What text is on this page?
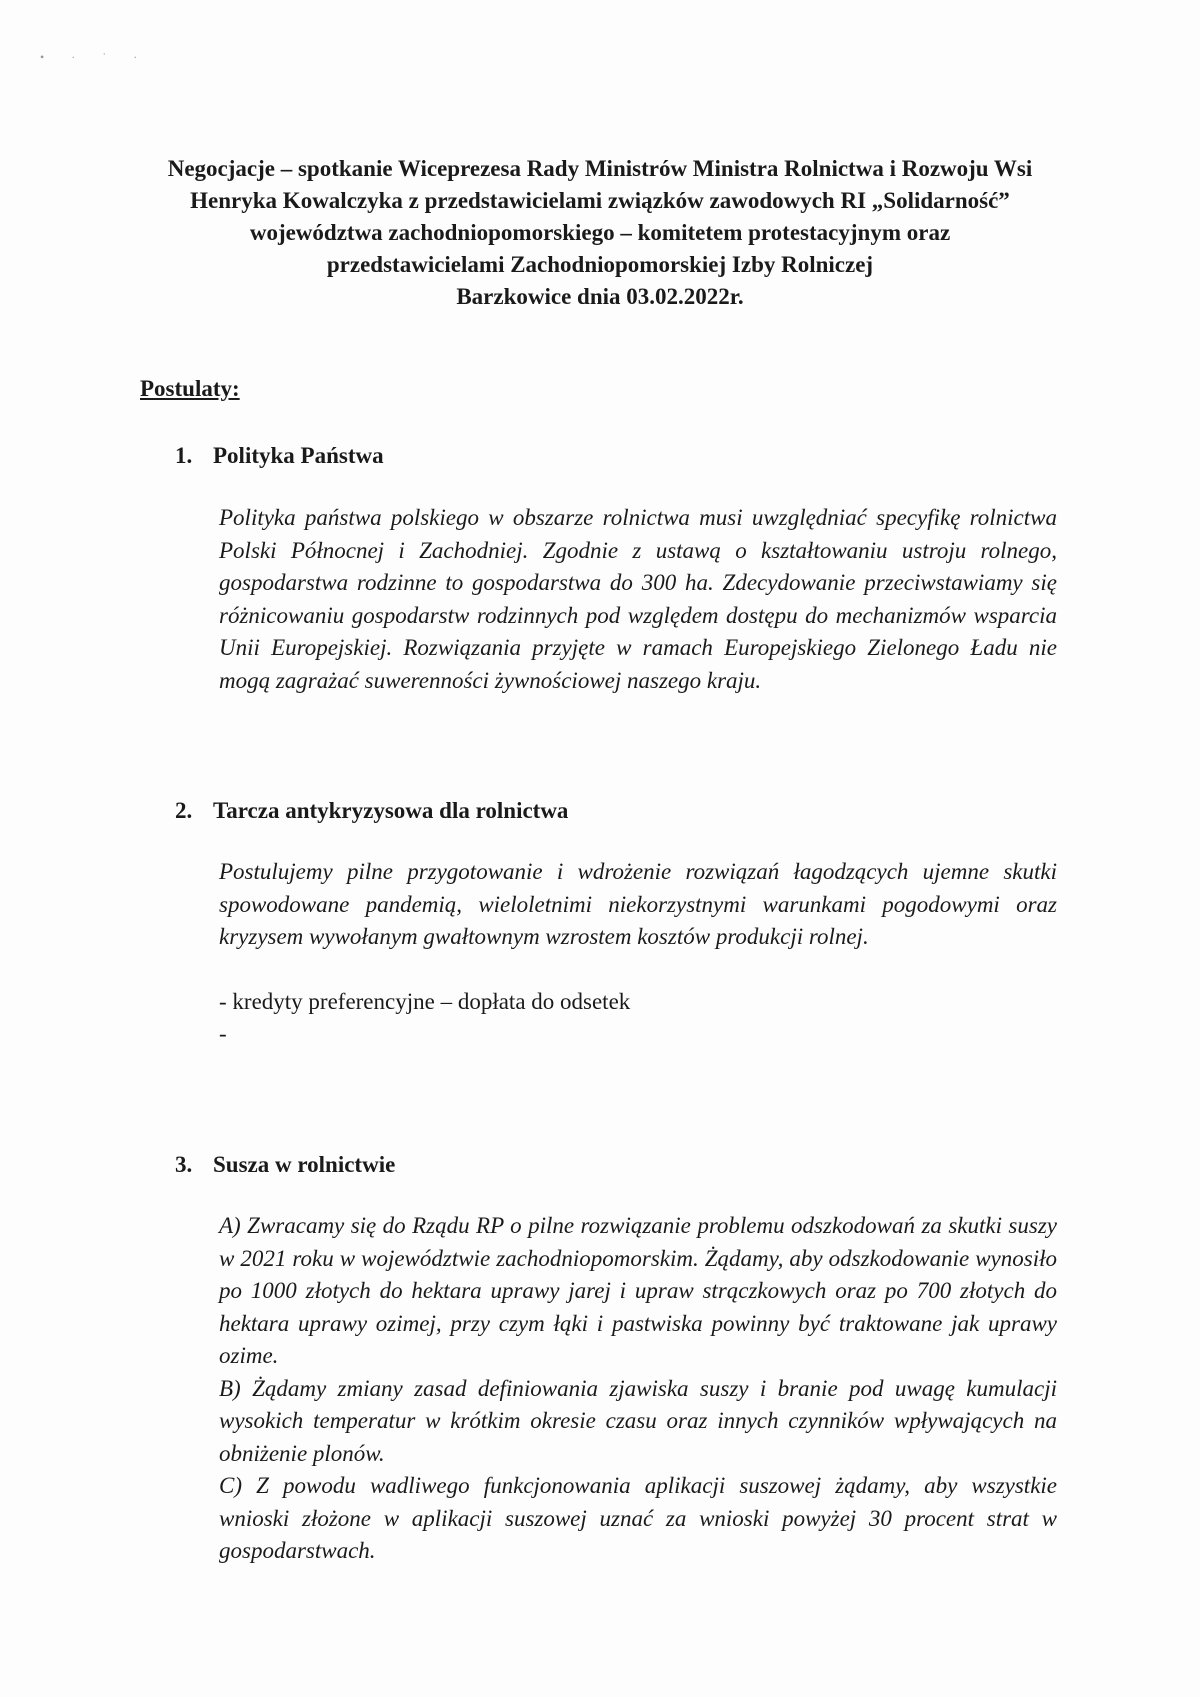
• · ˙ ·
Negocjacje – spotkanie Wiceprezesa Rady Ministrów Ministra Rolnictwa i Rozwoju Wsi
Henryka Kowalczyka z przedstawicielami związków zawodowych RI „Solidarność”
województwa zachodniopomorskiego – komitetem protestacyjnym oraz
przedstawicielami Zachodniopomorskiej Izby Rolniczej
Barzkowice dnia 03.02.2022r.
Postulaty:
1. Polityka Państwa

Polityka państwa polskiego w obszarze rolnictwa musi uwzględniać specyfikę rolnictwa Polski Północnej i Zachodniej. Zgodnie z ustawą o kształtowaniu ustroju rolnego, gospodarstwa rodzinne to gospodarstwa do 300 ha. Zdecydowanie przeciwstawiamy się różnicowaniu gospodarstw rodzinnych pod względem dostępu do mechanizmów wsparcia Unii Europejskiej. Rozwiązania przyjęte w ramach Europejskiego Zielonego Ładu nie mogą zagrażać suwerenności żywnościowej naszego kraju.

2. Tarcza antykryzysowa dla rolnictwa

Postulujemy pilne przygotowanie i wdrożenie rozwiązań łagodzących ujemne skutki spowodowane pandemią, wieloletnimi niekorzystnymi warunkami pogodowymi oraz kryzysem wywołanym gwałtownym wzrostem kosztów produkcji rolnej.

- kredyty preferencyjne – dopłata do odsetek
-
3. Susza w rolnictwie

A) Zwracamy się do Rządu RP o pilne rozwiązanie problemu odszkodowań za skutki suszy w 2021 roku w województwie zachodniopomorskim. Żądamy, aby odszkodowanie wynosiło po 1000 złotych do hektara uprawy jarej i upraw strączkowych oraz po 700 złotych do hektara uprawy ozimej, przy czym łąki i pastwiska powinny być traktowane jak uprawy ozime.

B) Żądamy zmiany zasad definiowania zjawiska suszy i branie pod uwagę kumulacji wysokich temperatur w krótkim okresie czasu oraz innych czynników wpływających na obniżenie plonów.

C) Z powodu wadliwego funkcjonowania aplikacji suszowej żądamy, aby wszystkie wnioski złożone w aplikacji suszowej uznać za wnioski powyżej 30 procent strat w gospodarstwach.
